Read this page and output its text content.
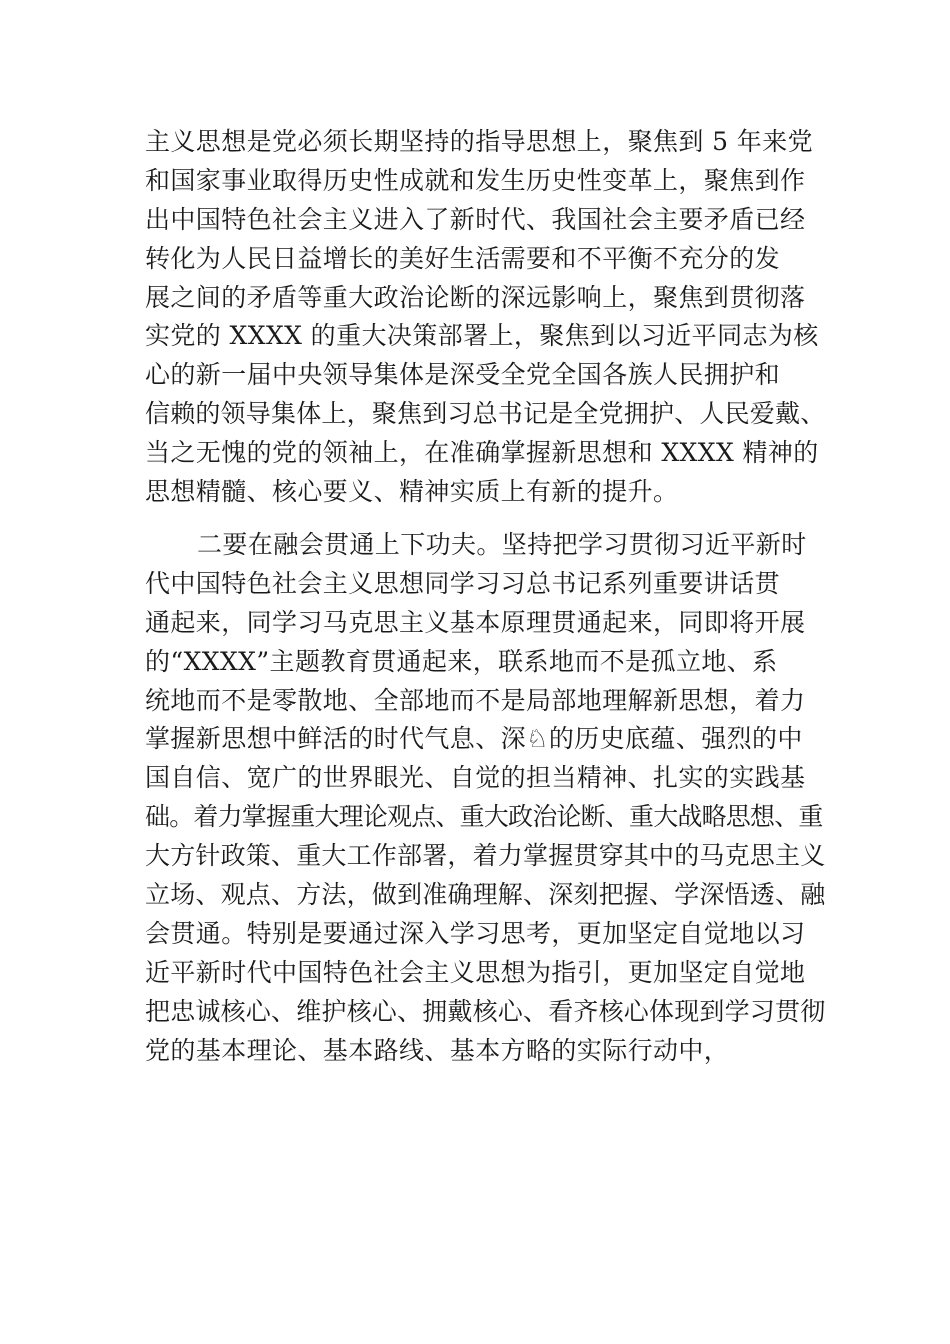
主义思想是党必须长期坚持的指导思想上，聚焦到 5 年来党
和国家事业取得历史性成就和发生历史性变革上，聚焦到作
出中国特色社会主义进入了新时代、我国社会主要矛盾已经
转化为人民日益增长的美好生活需要和不平衡不充分的发
展之间的矛盾等重大政治论断的深远影响上，聚焦到贯彻落
实党的 XXXX 的重大决策部署上，聚焦到以习近平同志为核
心的新一届中央领导集体是深受全党全国各族人民拥护和
信赖的领导集体上，聚焦到习总书记是全党拥护、人民爱戴、
当之无愧的党的领袖上，在准确掌握新思想和 XXXX 精神的
思想精髓、核心要义、精神实质上有新的提升。
二要在融会贯通上下功夫。坚持把学习贯彻习近平新时
代中国特色社会主义思想同学习习总书记系列重要讲话贯
通起来，同学习马克思主义基本原理贯通起来，同即将开展
的“XXXX”主题教育贯通起来，联系地而不是孤立地、系
统地而不是零散地、全部地而不是局部地理解新思想，着力
掌握新思想中鲜活的时代气息、深♘的历史底蕴、强烈的中
国自信、宽广的世界眼光、自觉的担当精神、扎实的实践基
础。着力掌握重大理论观点、重大政治论断、重大战略思想、重
大方针政策、重大工作部署，着力掌握贯穿其中的马克思主义
立场、观点、方法，做到准确理解、深刻把握、学深悟透、融
会贯通。特别是要通过深入学习思考，更加坚定自觉地以习
近平新时代中国特色社会主义思想为指引，更加坚定自觉地
把忠诚核心、维护核心、拥戴核心、看齐核心体现到学习贯彻
党的基本理论、基本路线、基本方略的实际行动中，
